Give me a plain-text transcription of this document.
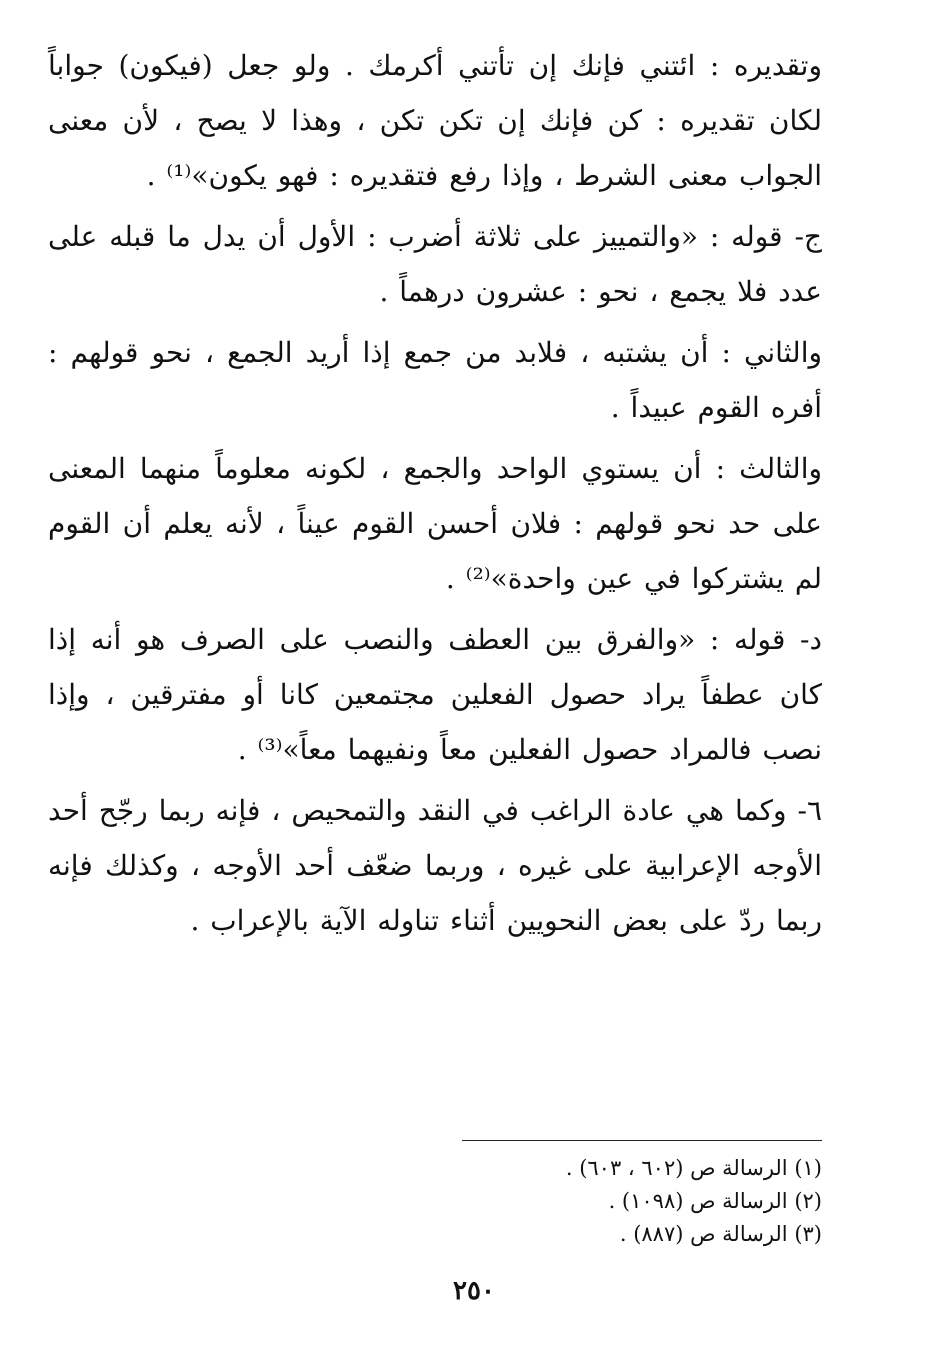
وتقديره : ائتني فإنك إن تأتني أكرمك . ولو جعل (فيكون) جواباً لكان تقديره : كن فإنك إن تكن تكن ، وهذا لا يصح ، لأن معنى الجواب معنى الشرط ، وإذا رفع فتقديره : فهو يكون»⁽¹⁾ .

ج- قوله : «والتمييز على ثلاثة أضرب : الأول أن يدل ما قبله على عدد فلا يجمع ، نحو : عشرون درهماً .

والثاني : أن يشتبه ، فلابد من جمع إذا أريد الجمع ، نحو قولهم : أفره القوم عبيداً .

والثالث : أن يستوي الواحد والجمع ، لكونه معلوماً منهما المعنى على حد نحو قولهم : فلان أحسن القوم عيناً ، لأنه يعلم أن القوم لم يشتركوا في عين واحدة»⁽²⁾ .

د- قوله : «والفرق بين العطف والنصب على الصرف هو أنه إذا كان عطفاً يراد حصول الفعلين مجتمعين كانا أو مفترقين ، وإذا نصب فالمراد حصول الفعلين معاً ونفيهما معاً»⁽³⁾ .

٦- وكما هي عادة الراغب في النقد والتمحيص ، فإنه ربما رجّح أحد الأوجه الإعرابية على غيره ، وربما ضعّف أحد الأوجه ، وكذلك فإنه ربما ردّ على بعض النحويين أثناء تناوله الآية بالإعراب .

(١) الرسالة ص (٦٠٢ ، ٦٠٣) .

(٢) الرسالة ص (١٠٩٨) .

(٣) الرسالة ص (٨٨٧) .

٢٥٠
